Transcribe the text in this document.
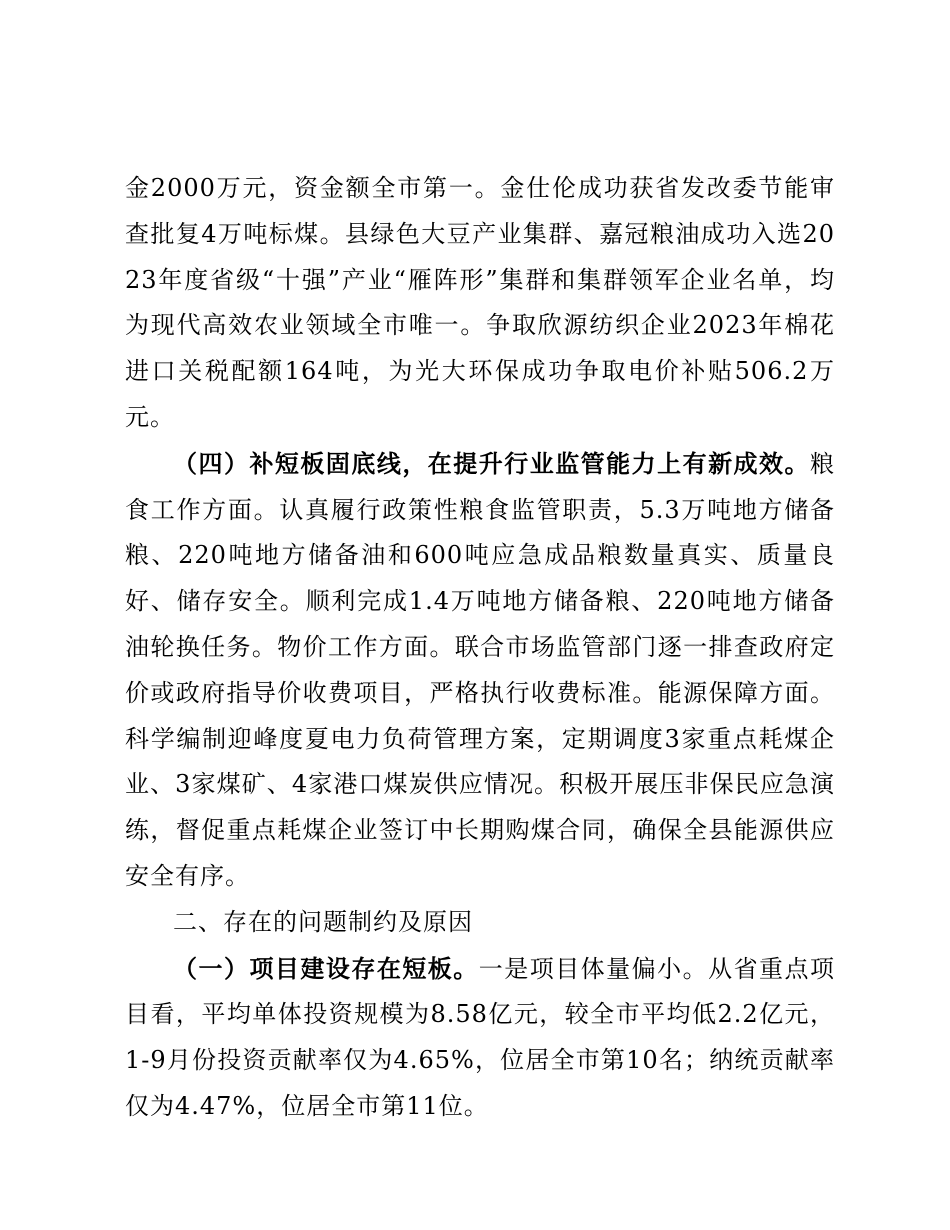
金2000万元，资金额全市第一。金仕伦成功获省发改委节能审查批复4万吨标煤。县绿色大豆产业集群、嘉冠粮油成功入选2023年度省级“十强”产业“雁阵形”集群和集群领军企业名单，均为现代高效农业领域全市唯一。争取欣源纺织企业2023年棉花进口关税配额164吨，为光大环保成功争取电价补贴506.2万元。

（四）补短板固底线，在提升行业监管能力上有新成效。粮食工作方面。认真履行政策性粮食监管职责，5.3万吨地方储备粮、220吨地方储备油和600吨应急成品粮数量真实、质量良好、储存安全。顺利完成1.4万吨地方储备粮、220吨地方储备油轮换任务。物价工作方面。联合市场监管部门逐一排查政府定价或政府指导价收费项目，严格执行收费标准。能源保障方面。科学编制迎峰度夏电力负荷管理方案，定期调度3家重点耗煤企业、3家煤矿、4家港口煤炭供应情况。积极开展压非保民应急演练，督促重点耗煤企业签订中长期购煤合同，确保全县能源供应安全有序。

二、存在的问题制约及原因

（一）项目建设存在短板。一是项目体量偏小。从省重点项目看，平均单体投资规模为8.58亿元，较全市平均低2.2亿元，1-9月份投资贡献率仅为4.65%，位居全市第10名；纳统贡献率仅为4.47%，位居全市第11位。
